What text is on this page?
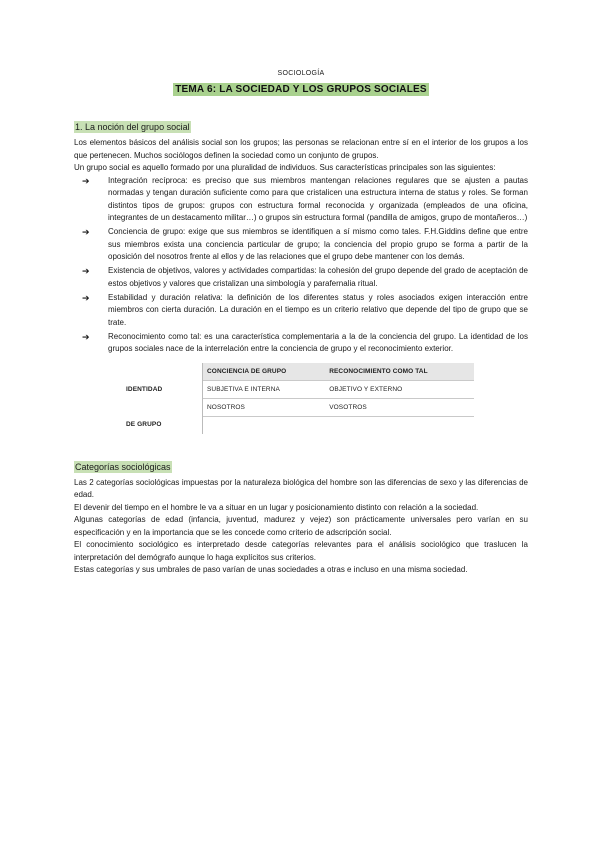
SOCIOLOGÍA
TEMA 6: LA SOCIEDAD Y LOS GRUPOS SOCIALES
1. La noción del grupo social

Los elementos básicos del análisis social son los grupos; las personas se relacionan entre sí en el interior de los grupos a los que pertenecen. Muchos sociólogos definen la sociedad como un conjunto de grupos.

Un grupo social es aquello formado por una pluralidad de individuos. Sus características principales son las siguientes:

➔ Integración recíproca: es preciso que sus miembros mantengan relaciones regulares que se ajusten a pautas normadas y tengan duración suficiente como para que cristalicen una estructura interna de status y roles. Se forman distintos tipos de grupos: grupos con estructura formal reconocida y organizada (empleados de una oficina, integrantes de un destacamento militar…) o grupos sin estructura formal (pandilla de amigos, grupo de montañeros…)
➔ Conciencia de grupo: exige que sus miembros se identifiquen a sí mismo como tales. F.H.Giddins define que entre sus miembros exista una conciencia particular de grupo; la conciencia del propio grupo se forma a partir de la oposición del nosotros frente al ellos y de las relaciones que el grupo debe mantener con los demás.
➔ Existencia de objetivos, valores y actividades compartidas: la cohesión del grupo depende del grado de aceptación de estos objetivos y valores que cristalizan una simbología y parafernalia ritual.
➔ Estabilidad y duración relativa: la definición de los diferentes status y roles asociados exigen interacción entre miembros con cierta duración. La duración en el tiempo es un criterio relativo que depende del tipo de grupo que se trate.
➔ Reconocimiento como tal: es una característica complementaria a la de la conciencia del grupo. La identidad de los grupos sociales nace de la interrelación entre la conciencia de grupo y el reconocimiento exterior.
	CONCIENCIA DE GRUPO	RECONOCIMIENTO COMO TAL
IDENTIDAD	SUBJETIVA E INTERNA	OBJETIVO Y EXTERNO
	NOSOTROS	VOSOTROS
DE GRUPO		
Categorías sociológicas

Las 2 categorías sociológicas impuestas por la naturaleza biológica del hombre son las diferencias de sexo y las diferencias de edad.

El devenir del tiempo en el hombre le va a situar en un lugar y posicionamiento distinto con relación a la sociedad.

Algunas categorías de edad (infancia, juventud, madurez y vejez) son prácticamente universales pero varían en su especificación y en la importancia que se les concede como criterio de adscripción social.

El conocimiento sociológico es interpretado desde categorías relevantes para el análisis sociológico que traslucen la interpretación del demógrafo aunque lo haga explícitos sus criterios.

Estas categorías y sus umbrales de paso varían de unas sociedades a otras e incluso en una misma sociedad.
